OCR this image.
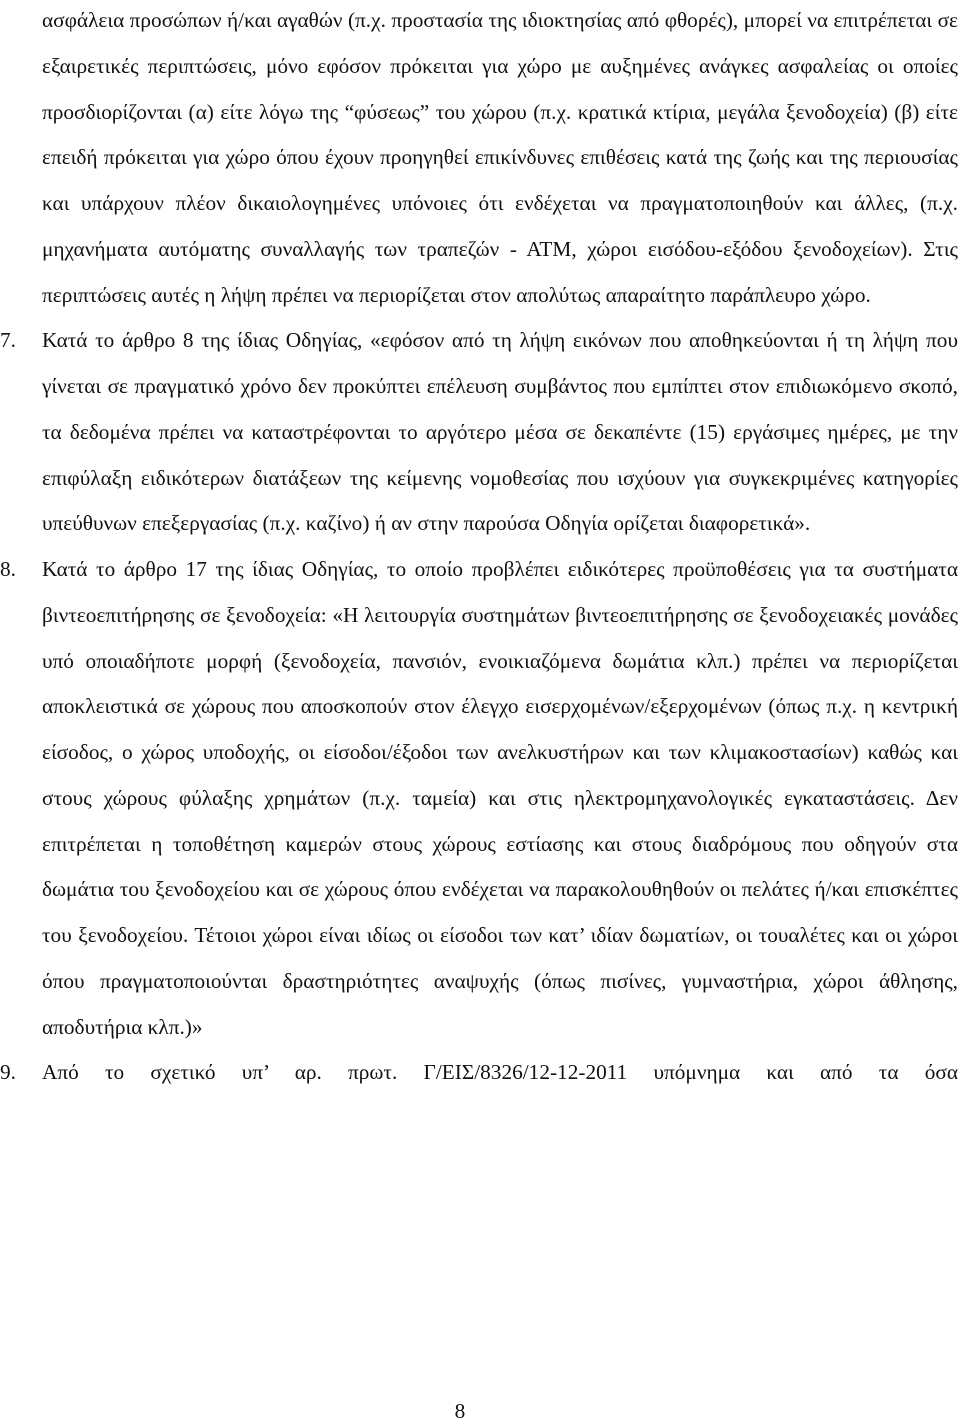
ασφάλεια προσώπων ή/και αγαθών (π.χ. προστασία της ιδιοκτησίας από φθορές), μπορεί να επιτρέπεται σε εξαιρετικές περιπτώσεις, μόνο εφόσον πρόκειται για χώρο με αυξημένες ανάγκες ασφαλείας οι οποίες προσδιορίζονται (α) είτε λόγω της “φύσεως” του χώρου (π.χ. κρατικά κτίρια, μεγάλα ξενοδοχεία) (β) είτε επειδή πρόκειται για χώρο όπου έχουν προηγηθεί επικίνδυνες επιθέσεις κατά της ζωής και της περιουσίας και υπάρχουν πλέον δικαιολογημένες υπόνοιες ότι ενδέχεται να πραγματοποιηθούν και άλλες, (π.χ. μηχανήματα αυτόματης συναλλαγής των τραπεζών - ΑΤΜ, χώροι εισόδου-εξόδου ξενοδοχείων). Στις περιπτώσεις αυτές η λήψη πρέπει να περιορίζεται στον απολύτως απαραίτητο παράπλευρο χώρο.

7.	Κατά το άρθρο 8 της ίδιας Οδηγίας, «εφόσον από τη λήψη εικόνων που αποθηκεύονται ή τη λήψη που γίνεται σε πραγματικό χρόνο δεν προκύπτει επέλευση συμβάντος που εμπίπτει στον επιδιωκόμενο σκοπό, τα δεδομένα πρέπει να καταστρέφονται το αργότερο μέσα σε δεκαπέντε (15) εργάσιμες ημέρες, με την επιφύλαξη ειδικότερων διατάξεων της κείμενης νομοθεσίας που ισχύουν για συγκεκριμένες κατηγορίες υπεύθυνων επεξεργασίας (π.χ. καζίνο) ή αν στην παρούσα Οδηγία ορίζεται διαφορετικά».

8.	Κατά το άρθρο 17 της ίδιας Οδηγίας, το οποίο προβλέπει ειδικότερες προϋποθέσεις για τα συστήματα βιντεοεπιτήρησης σε ξενοδοχεία: «Η λειτουργία συστημάτων βιντεοεπιτήρησης σε ξενοδοχειακές μονάδες υπό οποιαδήποτε μορφή (ξενοδοχεία, πανσιόν, ενοικιαζόμενα δωμάτια κλπ.) πρέπει να περιορίζεται αποκλειστικά σε χώρους που αποσκοπούν στον έλεγχο εισερχομένων/εξερχομένων (όπως π.χ. η κεντρική είσοδος, ο χώρος υποδοχής, οι είσοδοι/έξοδοι των ανελκυστήρων και των κλιμακοστασίων) καθώς και στους χώρους φύλαξης χρημάτων (π.χ. ταμεία) και στις ηλεκτρομηχανολογικές εγκαταστάσεις. Δεν επιτρέπεται η τοποθέτηση καμερών στους χώρους εστίασης και στους διαδρόμους που οδηγούν στα δωμάτια του ξενοδοχείου και σε χώρους όπου ενδέχεται να παρακολουθηθούν οι πελάτες ή/και επισκέπτες του ξενοδοχείου. Τέτοιοι χώροι είναι ιδίως οι είσοδοι των κατ’ ιδίαν δωματίων, οι τουαλέτες και οι χώροι όπου πραγματοποιούνται δραστηριότητες αναψυχής (όπως πισίνες, γυμναστήρια, χώροι άθλησης, αποδυτήρια κλπ.)»

9.	Από το σχετικό υπ’ αρ. πρωτ. Γ/ΕΙΣ/8326/12-12-2011 υπόμνημα και από τα όσα

8
